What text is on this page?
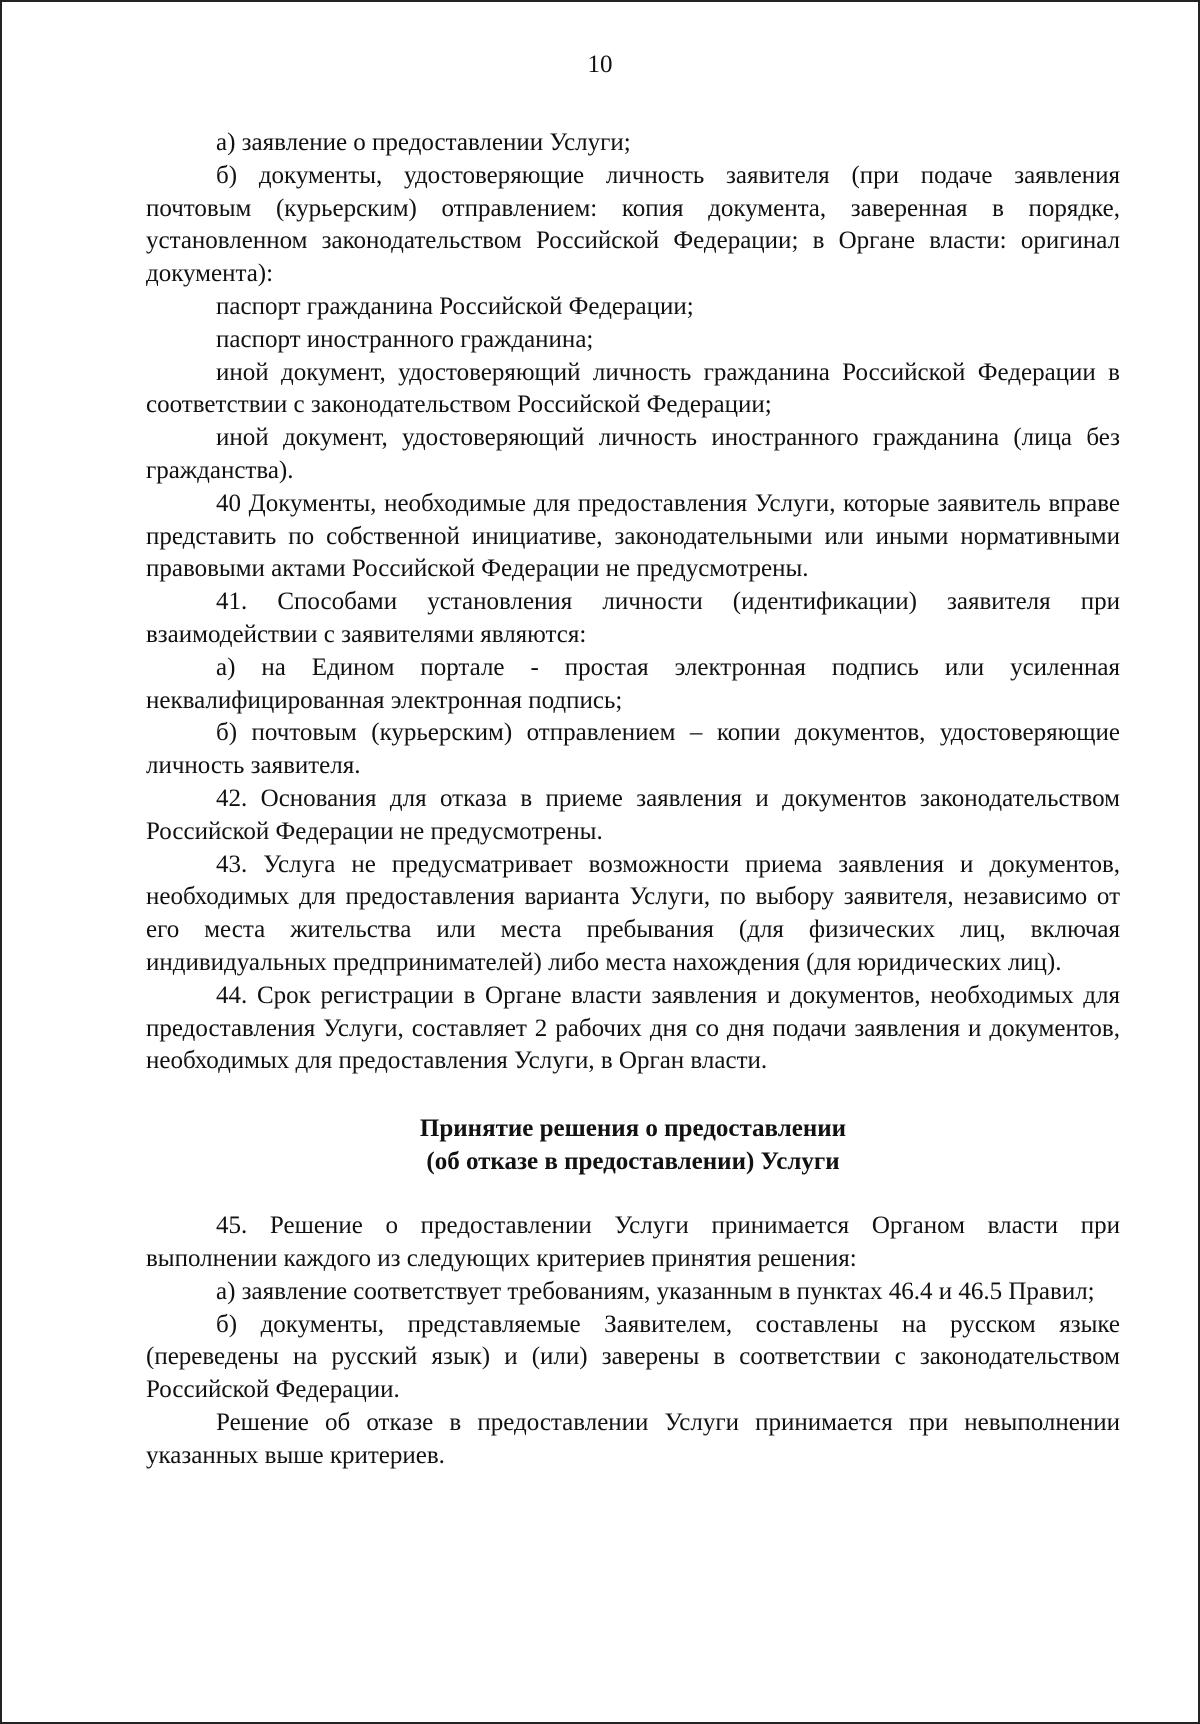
10

а) заявление о предоставлении Услуги;

б) документы, удостоверяющие личность заявителя (при подаче заявления почтовым (курьерским) отправлением: копия документа, заверенная в порядке, установленном законодательством Российской Федерации; в Органе власти: оригинал документа):

паспорт гражданина Российской Федерации;

паспорт иностранного гражданина;

иной документ, удостоверяющий личность гражданина Российской Федерации в соответствии с законодательством Российской Федерации;

иной документ, удостоверяющий личность иностранного гражданина (лица без гражданства).

40 Документы, необходимые для предоставления Услуги, которые заявитель вправе представить по собственной инициативе, законодательными или иными нормативными правовыми актами Российской Федерации не предусмотрены.

41. Способами установления личности (идентификации) заявителя при взаимодействии с заявителями являются:

а) на Едином портале - простая электронная подпись или усиленная неквалифицированная электронная подпись;

б) почтовым (курьерским) отправлением – копии документов, удостоверяющие личность заявителя.

42. Основания для отказа в приеме заявления и документов законодательством Российской Федерации не предусмотрены.

43. Услуга не предусматривает возможности приема заявления и документов, необходимых для предоставления варианта Услуги, по выбору заявителя, независимо от его места жительства или места пребывания (для физических лиц, включая индивидуальных предпринимателей) либо места нахождения (для юридических лиц).

44. Срок регистрации в Органе власти заявления и документов, необходимых для предоставления Услуги, составляет 2 рабочих дня со дня подачи заявления и документов, необходимых для предоставления Услуги, в Орган власти.

Принятие решения о предоставлении

(об отказе в предоставлении) Услуги

45. Решение о предоставлении Услуги принимается Органом власти при выполнении каждого из следующих критериев принятия решения:

а) заявление соответствует требованиям, указанным в пунктах 46.4 и 46.5 Правил;

б) документы, представляемые Заявителем, составлены на русском языке (переведены на русский язык) и (или) заверены в соответствии с законодательством Российской Федерации.

Решение об отказе в предоставлении Услуги принимается при невыполнении указанных выше критериев.
